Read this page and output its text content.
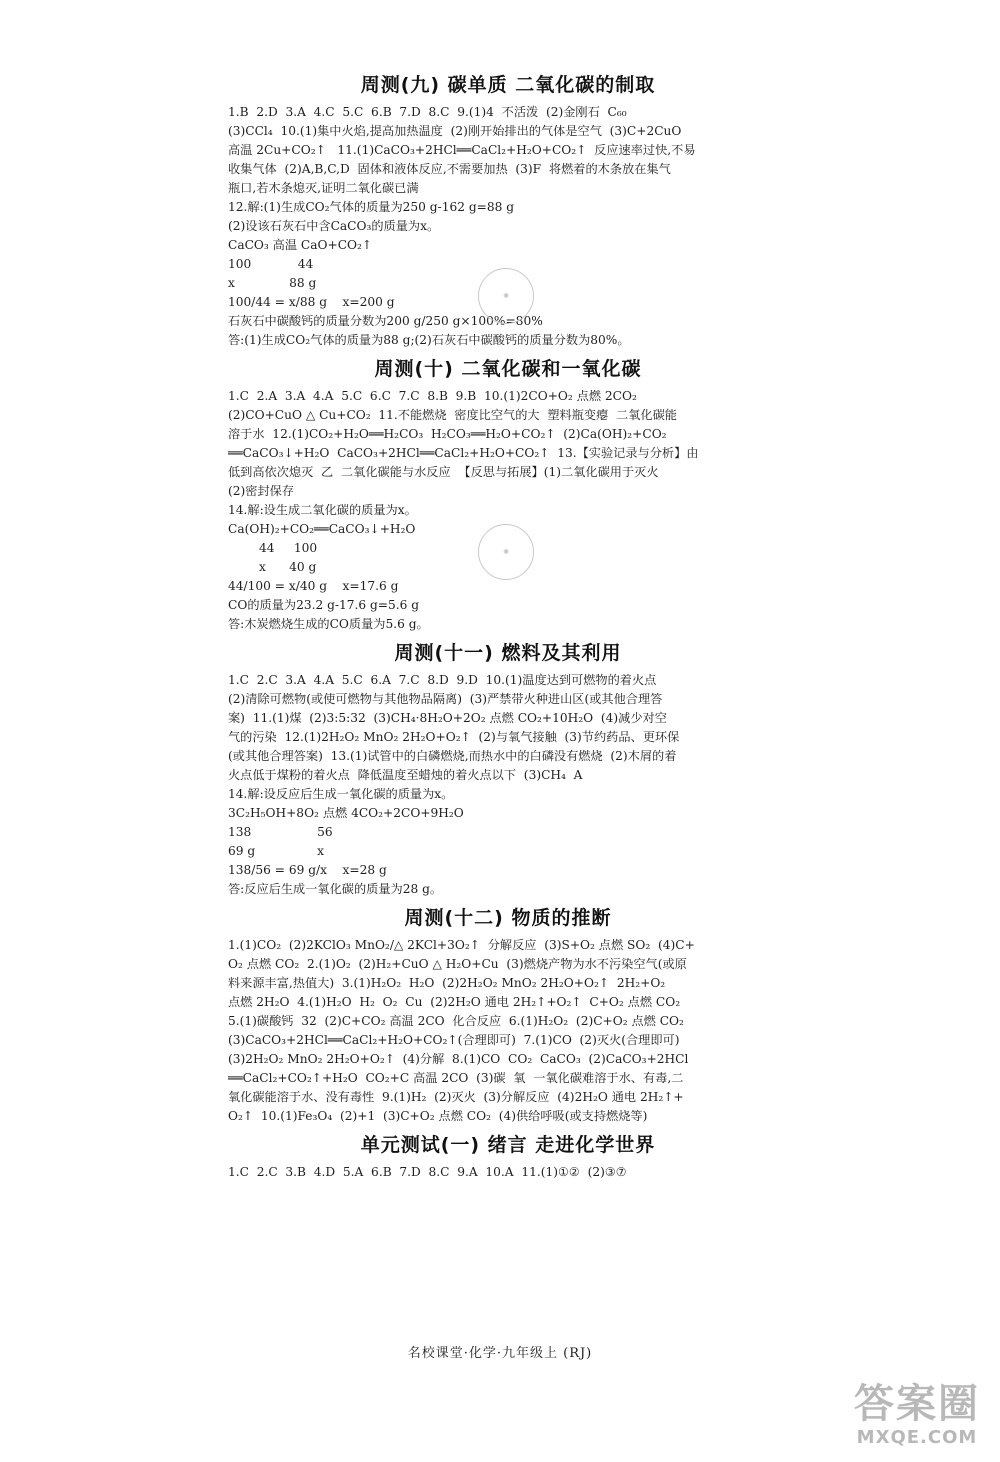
周测(九) 碳单质 二氧化碳的制取
1.B  2.D  3.A  4.C  5.C  6.B  7.D  8.C  9.(1)4  不活泼  (2)金刚石  C₆₀
(3)CCl₄  10.(1)集中火焰,提高加热温度  (2)刚开始排出的气体是空气  (3)C+2CuO
高温 2Cu+CO₂↑   11.(1)CaCO₃+2HCl══CaCl₂+H₂O+CO₂↑  反应速率过快,不易
收集气体  (2)A,B,C,D  固体和液体反应,不需要加热  (3)F  将燃着的木条放在集气
瓶口,若木条熄灭,证明二氧化碳已满
12.解:(1)生成CO₂气体的质量为250 g-162 g=88 g
(2)设该石灰石中含CaCO₃的质量为x。
CaCO₃ 高温 CaO+CO₂↑
100            44
x              88 g
100/44 = x/88 g    x=200 g
石灰石中碳酸钙的质量分数为200 g/250 g×100%=80%
答:(1)生成CO₂气体的质量为88 g;(2)石灰石中碳酸钙的质量分数为80%。
周测(十) 二氧化碳和一氧化碳
1.C  2.A  3.A  4.A  5.C  6.C  7.C  8.B  9.B  10.(1)2CO+O₂ 点燃 2CO₂
(2)CO+CuO △ Cu+CO₂  11.不能燃烧  密度比空气的大  塑料瓶变瘪  二氧化碳能
溶于水  12.(1)CO₂+H₂O══H₂CO₃  H₂CO₃══H₂O+CO₂↑  (2)Ca(OH)₂+CO₂
══CaCO₃↓+H₂O  CaCO₃+2HCl══CaCl₂+H₂O+CO₂↑  13.【实验记录与分析】由
低到高依次熄灭  乙  二氧化碳能与水反应  【反思与拓展】(1)二氧化碳用于灭火
(2)密封保存
14.解:设生成二氧化碳的质量为x。
Ca(OH)₂+CO₂══CaCO₃↓+H₂O
44     100
x      40 g
44/100 = x/40 g    x=17.6 g
CO的质量为23.2 g-17.6 g=5.6 g
答:木炭燃烧生成的CO质量为5.6 g。
周测(十一) 燃料及其利用
1.C  2.C  3.A  4.A  5.C  6.A  7.C  8.D  9.D  10.(1)温度达到可燃物的着火点
(2)清除可燃物(或使可燃物与其他物品隔离)  (3)严禁带火种进山区(或其他合理答
案)  11.(1)煤  (2)3:5:32  (3)CH₄·8H₂O+2O₂ 点燃 CO₂+10H₂O  (4)减少对空
气的污染  12.(1)2H₂O₂ MnO₂ 2H₂O+O₂↑  (2)与氧气接触  (3)节约药品、更环保
(或其他合理答案)  13.(1)试管中的白磷燃烧,而热水中的白磷没有燃烧  (2)木屑的着
火点低于煤粉的着火点  降低温度至蜡烛的着火点以下  (3)CH₄  A
14.解:设反应后生成一氧化碳的质量为x。
3C₂H₅OH+8O₂ 点燃 4CO₂+2CO+9H₂O
138                 56
69 g                x
138/56 = 69 g/x    x=28 g
答:反应后生成一氧化碳的质量为28 g。
周测(十二) 物质的推断
1.(1)CO₂  (2)2KClO₃ MnO₂/△ 2KCl+3O₂↑  分解反应  (3)S+O₂ 点燃 SO₂  (4)C+
O₂ 点燃 CO₂  2.(1)O₂  (2)H₂+CuO △ H₂O+Cu  (3)燃烧产物为水不污染空气(或原
料来源丰富,热值大)  3.(1)H₂O₂  H₂O  (2)2H₂O₂ MnO₂ 2H₂O+O₂↑  2H₂+O₂
点燃 2H₂O  4.(1)H₂O  H₂  O₂  Cu  (2)2H₂O 通电 2H₂↑+O₂↑  C+O₂ 点燃 CO₂
5.(1)碳酸钙  32  (2)C+CO₂ 高温 2CO  化合反应  6.(1)H₂O₂  (2)C+O₂ 点燃 CO₂
(3)CaCO₃+2HCl══CaCl₂+H₂O+CO₂↑(合理即可)  7.(1)CO  (2)灭火(合理即可)
(3)2H₂O₂ MnO₂ 2H₂O+O₂↑  (4)分解  8.(1)CO  CO₂  CaCO₃  (2)CaCO₃+2HCl
══CaCl₂+CO₂↑+H₂O  CO₂+C 高温 2CO  (3)碳  氧  一氧化碳难溶于水、有毒,二
氧化碳能溶于水、没有毒性  9.(1)H₂  (2)灭火  (3)分解反应  (4)2H₂O 通电 2H₂↑+
O₂↑  10.(1)Fe₃O₄  (2)+1  (3)C+O₂ 点燃 CO₂  (4)供给呼吸(或支持燃烧等)
单元测试(一) 绪言 走进化学世界
1.C  2.C  3.B  4.D  5.A  6.B  7.D  8.C  9.A  10.A  11.(1)①②  (2)③⑦
✺
✺
名校课堂·化学·九年级上 (RJ)
答案圈
MXQE.COM
